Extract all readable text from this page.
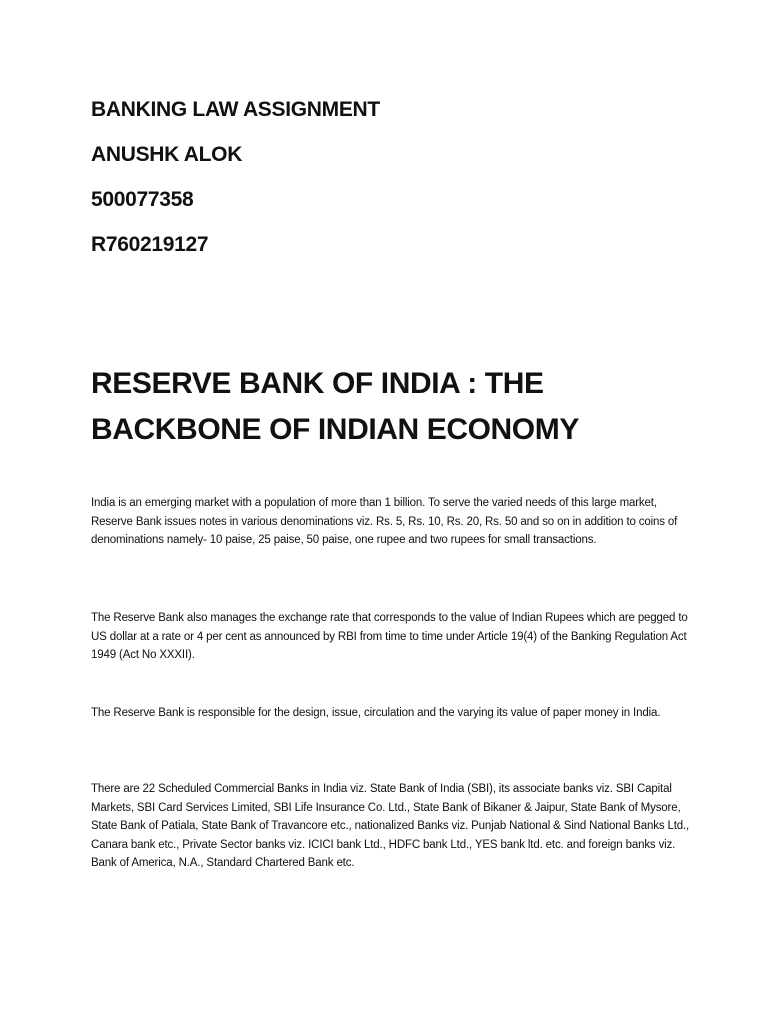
BANKING LAW ASSIGNMENT

ANUSHK ALOK

500077358

R760219127

RESERVE BANK OF INDIA : THE

BACKBONE OF INDIAN ECONOMY

India is an emerging market with a population of more than 1 billion. To serve the varied needs of this large market, Reserve Bank issues notes in various denominations viz. Rs. 5, Rs. 10, Rs. 20, Rs. 50 and so on in addition to coins of denominations namely- 10 paise, 25 paise, 50 paise, one rupee and two rupees for small transactions.

The Reserve Bank also manages the exchange rate that corresponds to the value of Indian Rupees which are pegged to US dollar at a rate or 4 per cent as announced by RBI from time to time under Article 19(4) of the Banking Regulation Act 1949 (Act No XXXII).

The Reserve Bank is responsible for the design, issue, circulation and the varying its value of paper money in India.

There are 22 Scheduled Commercial Banks in India viz. State Bank of India (SBI), its associate banks viz. SBI Capital Markets, SBI Card Services Limited, SBI Life Insurance Co. Ltd., State Bank of Bikaner & Jaipur, State Bank of Mysore, State Bank of Patiala, State Bank of Travancore etc., nationalized Banks viz. Punjab National & Sind National Banks Ltd., Canara bank etc., Private Sector banks viz. ICICI bank Ltd., HDFC bank Ltd., YES bank ltd. etc. and foreign banks viz. Bank of America, N.A., Standard Chartered Bank etc.
